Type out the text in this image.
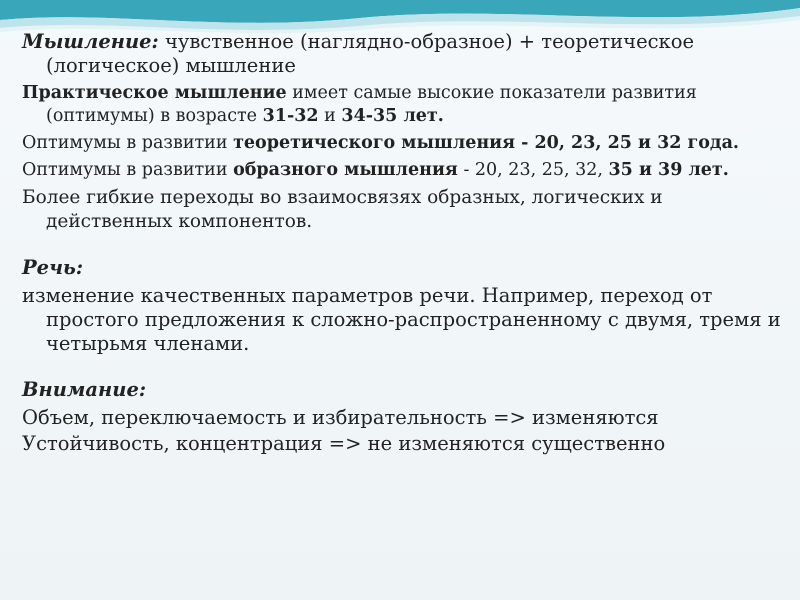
Мышление: чувственное (наглядно-образное) + теоретическое (логическое) мышление

Практическое мышление имеет самые высокие показатели развития (оптимумы) в возрасте 31-32 и 34-35 лет.

Оптимумы в развитии теоретического мышления - 20, 23, 25 и 32 года.

Оптимумы в развитии образного мышления - 20, 23, 25, 32, 35 и 39 лет.

Более гибкие переходы во взаимосвязях образных, логических и действенных компонентов.

Речь:

изменение качественных параметров речи. Например, переход от простого предложения к сложно-распространенному с двумя, тремя и четырьмя членами.

Внимание:

Объем, переключаемость и избирательность => изменяются

Устойчивость, концентрация => не изменяются существенно
